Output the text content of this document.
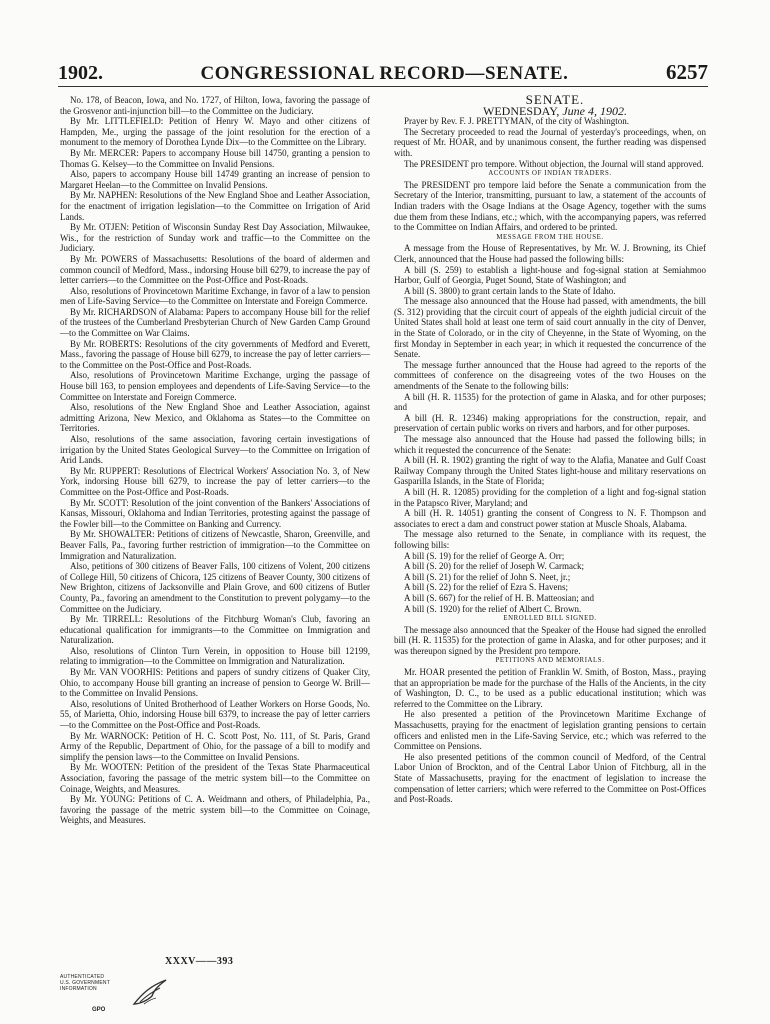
1902.	CONGRESSIONAL RECORD—SENATE.	6257

No. 178, of Beacon, Iowa, and No. 1727, of Hilton, Iowa, favoring the passage of the Grosvenor anti-injunction bill—to the Committee on the Judiciary.

By Mr. LITTLEFIELD: Petition of Henry W. Mayo and other citizens of Hampden, Me., urging the passage of the joint resolution for the erection of a monument to the memory of Dorothea Lynde Dix—to the Committee on the Library.

By Mr. MERCER: Papers to accompany House bill 14750, granting a pension to Thomas G. Kelsey—to the Committee on Invalid Pensions.

Also, papers to accompany House bill 14749 granting an increase of pension to Margaret Heelan—to the Committee on Invalid Pensions.

By Mr. NAPHEN: Resolutions of the New England Shoe and Leather Association, for the enactment of irrigation legislation—to the Committee on Irrigation of Arid Lands.

By Mr. OTJEN: Petition of Wisconsin Sunday Rest Day Association, Milwaukee, Wis., for the restriction of Sunday work and traffic—to the Committee on the Judiciary.

By Mr. POWERS of Massachusetts: Resolutions of the board of aldermen and common council of Medford, Mass., indorsing House bill 6279, to increase the pay of letter carriers—to the Committee on the Post-Office and Post-Roads.

Also, resolutions of Provincetown Maritime Exchange, in favor of a law to pension men of Life-Saving Service—to the Committee on Interstate and Foreign Commerce.

By Mr. RICHARDSON of Alabama: Papers to accompany House bill for the relief of the trustees of the Cumberland Presbyterian Church of New Garden Camp Ground—to the Committee on War Claims.

By Mr. ROBERTS: Resolutions of the city governments of Medford and Everett, Mass., favoring the passage of House bill 6279, to increase the pay of letter carriers—to the Committee on the Post-Office and Post-Roads.

Also, resolutions of Provincetown Maritime Exchange, urging the passage of House bill 163, to pension employees and dependents of Life-Saving Service—to the Committee on Interstate and Foreign Commerce.

Also, resolutions of the New England Shoe and Leather Association, against admitting Arizona, New Mexico, and Oklahoma as States—to the Committee on Territories.

Also, resolutions of the same association, favoring certain investigations of irrigation by the United States Geological Survey—to the Committee on Irrigation of Arid Lands.

By Mr. RUPPERT: Resolutions of Electrical Workers' Association No. 3, of New York, indorsing House bill 6279, to increase the pay of letter carriers—to the Committee on the Post-Office and Post-Roads.

By Mr. SCOTT: Resolution of the joint convention of the Bankers' Associations of Kansas, Missouri, Oklahoma and Indian Territories, protesting against the passage of the Fowler bill—to the Committee on Banking and Currency.

By Mr. SHOWALTER: Petitions of citizens of Newcastle, Sharon, Greenville, and Beaver Falls, Pa., favoring further restriction of immigration—to the Committee on Immigration and Naturalization.

Also, petitions of 300 citizens of Beaver Falls, 100 citizens of Volent, 200 citizens of College Hill, 50 citizens of Chicora, 125 citizens of Beaver County, 300 citizens of New Brighton, citizens of Jacksonville and Plain Grove, and 600 citizens of Butler County, Pa., favoring an amendment to the Constitution to prevent polygamy—to the Committee on the Judiciary.

By Mr. TIRRELL: Resolutions of the Fitchburg Woman's Club, favoring an educational qualification for immigrants—to the Committee on Immigration and Naturalization.

Also, resolutions of Clinton Turn Verein, in opposition to House bill 12199, relating to immigration—to the Committee on Immigration and Naturalization.

By Mr. VAN VOORHIS: Petitions and papers of sundry citizens of Quaker City, Ohio, to accompany House bill granting an increase of pension to George W. Brill—to the Committee on Invalid Pensions.

Also, resolutions of United Brotherhood of Leather Workers on Horse Goods, No. 55, of Marietta, Ohio, indorsing House bill 6379, to increase the pay of letter carriers—to the Committee on the Post-Office and Post-Roads.

By Mr. WARNOCK: Petition of H. C. Scott Post, No. 111, of St. Paris, Grand Army of the Republic, Department of Ohio, for the passage of a bill to modify and simplify the pension laws—to the Committee on Invalid Pensions.

By Mr. WOOTEN: Petition of the president of the Texas State Pharmaceutical Association, favoring the passage of the metric system bill—to the Committee on Coinage, Weights, and Measures.

By Mr. YOUNG: Petitions of C. A. Weidmann and others, of Philadelphia, Pa., favoring the passage of the metric system bill—to the Committee on Coinage, Weights, and Measures.

SENATE.

WEDNESDAY, June 4, 1902.

Prayer by Rev. F. J. PRETTYMAN, of the city of Washington.

The Secretary proceeded to read the Journal of yesterday's proceedings, when, on request of Mr. HOAR, and by unanimous consent, the further reading was dispensed with.

The PRESIDENT pro tempore. Without objection, the Journal will stand approved.

ACCOUNTS OF INDIAN TRADERS.

The PRESIDENT pro tempore laid before the Senate a communication from the Secretary of the Interior, transmitting, pursuant to law, a statement of the accounts of Indian traders with the Osage Indians at the Osage Agency, together with the sums due them from these Indians, etc.; which, with the accompanying papers, was referred to the Committee on Indian Affairs, and ordered to be printed.

MESSAGE FROM THE HOUSE.

A message from the House of Representatives, by Mr. W. J. Browning, its Chief Clerk, announced that the House had passed the following bills:

A bill (S. 259) to establish a light-house and fog-signal station at Semiahmoo Harbor, Gulf of Georgia, Puget Sound, State of Washington; and

A bill (S. 3800) to grant certain lands to the State of Idaho.

The message also announced that the House had passed, with amendments, the bill (S. 312) providing that the circuit court of appeals of the eighth judicial circuit of the United States shall hold at least one term of said court annually in the city of Denver, in the State of Colorado, or in the city of Cheyenne, in the State of Wyoming, on the first Monday in September in each year; in which it requested the concurrence of the Senate.

The message further announced that the House had agreed to the reports of the committees of conference on the disagreeing votes of the two Houses on the amendments of the Senate to the following bills:

A bill (H. R. 11535) for the protection of game in Alaska, and for other purposes; and

A bill (H. R. 12346) making appropriations for the construction, repair, and preservation of certain public works on rivers and harbors, and for other purposes.

The message also announced that the House had passed the following bills; in which it requested the concurrence of the Senate:

A bill (H. R. 1902) granting the right of way to the Alafia, Manatee and Gulf Coast Railway Company through the United States light-house and military reservations on Gasparilla Islands, in the State of Florida;

A bill (H. R. 12085) providing for the completion of a light and fog-signal station in the Patapsco River, Maryland; and

A bill (H. R. 14051) granting the consent of Congress to N. F. Thompson and associates to erect a dam and construct power station at Muscle Shoals, Alabama.

The message also returned to the Senate, in compliance with its request, the following bills:

A bill (S. 19) for the relief of George A. Orr;

A bill (S. 20) for the relief of Joseph W. Carmack;

A bill (S. 21) for the relief of John S. Neet, jr.;

A bill (S. 22) for the relief of Ezra S. Havens;

A bill (S. 667) for the relief of H. B. Matteosian; and

A bill (S. 1920) for the relief of Albert C. Brown.

ENROLLED BILL SIGNED.

The message also announced that the Speaker of the House had signed the enrolled bill (H. R. 11535) for the protection of game in Alaska, and for other purposes; and it was thereupon signed by the President pro tempore.

PETITIONS AND MEMORIALS.

Mr. HOAR presented the petition of Franklin W. Smith, of Boston, Mass., praying that an appropriation be made for the purchase of the Halls of the Ancients, in the city of Washington, D. C., to be used as a public educational institution; which was referred to the Committee on the Library.

He also presented a petition of the Provincetown Maritime Exchange of Massachusetts, praying for the enactment of legislation granting pensions to certain officers and enlisted men in the Life-Saving Service, etc.; which was referred to the Committee on Pensions.

He also presented petitions of the common council of Medford, of the Central Labor Union of Brockton, and of the Central Labor Union of Fitchburg, all in the State of Massachusetts, praying for the enactment of legislation to increase the compensation of letter carriers; which were referred to the Committee on Post-Offices and Post-Roads.

XXXV——393
AUTHENTICATED
U.S. GOVERNMENT
INFORMATION
GPO
